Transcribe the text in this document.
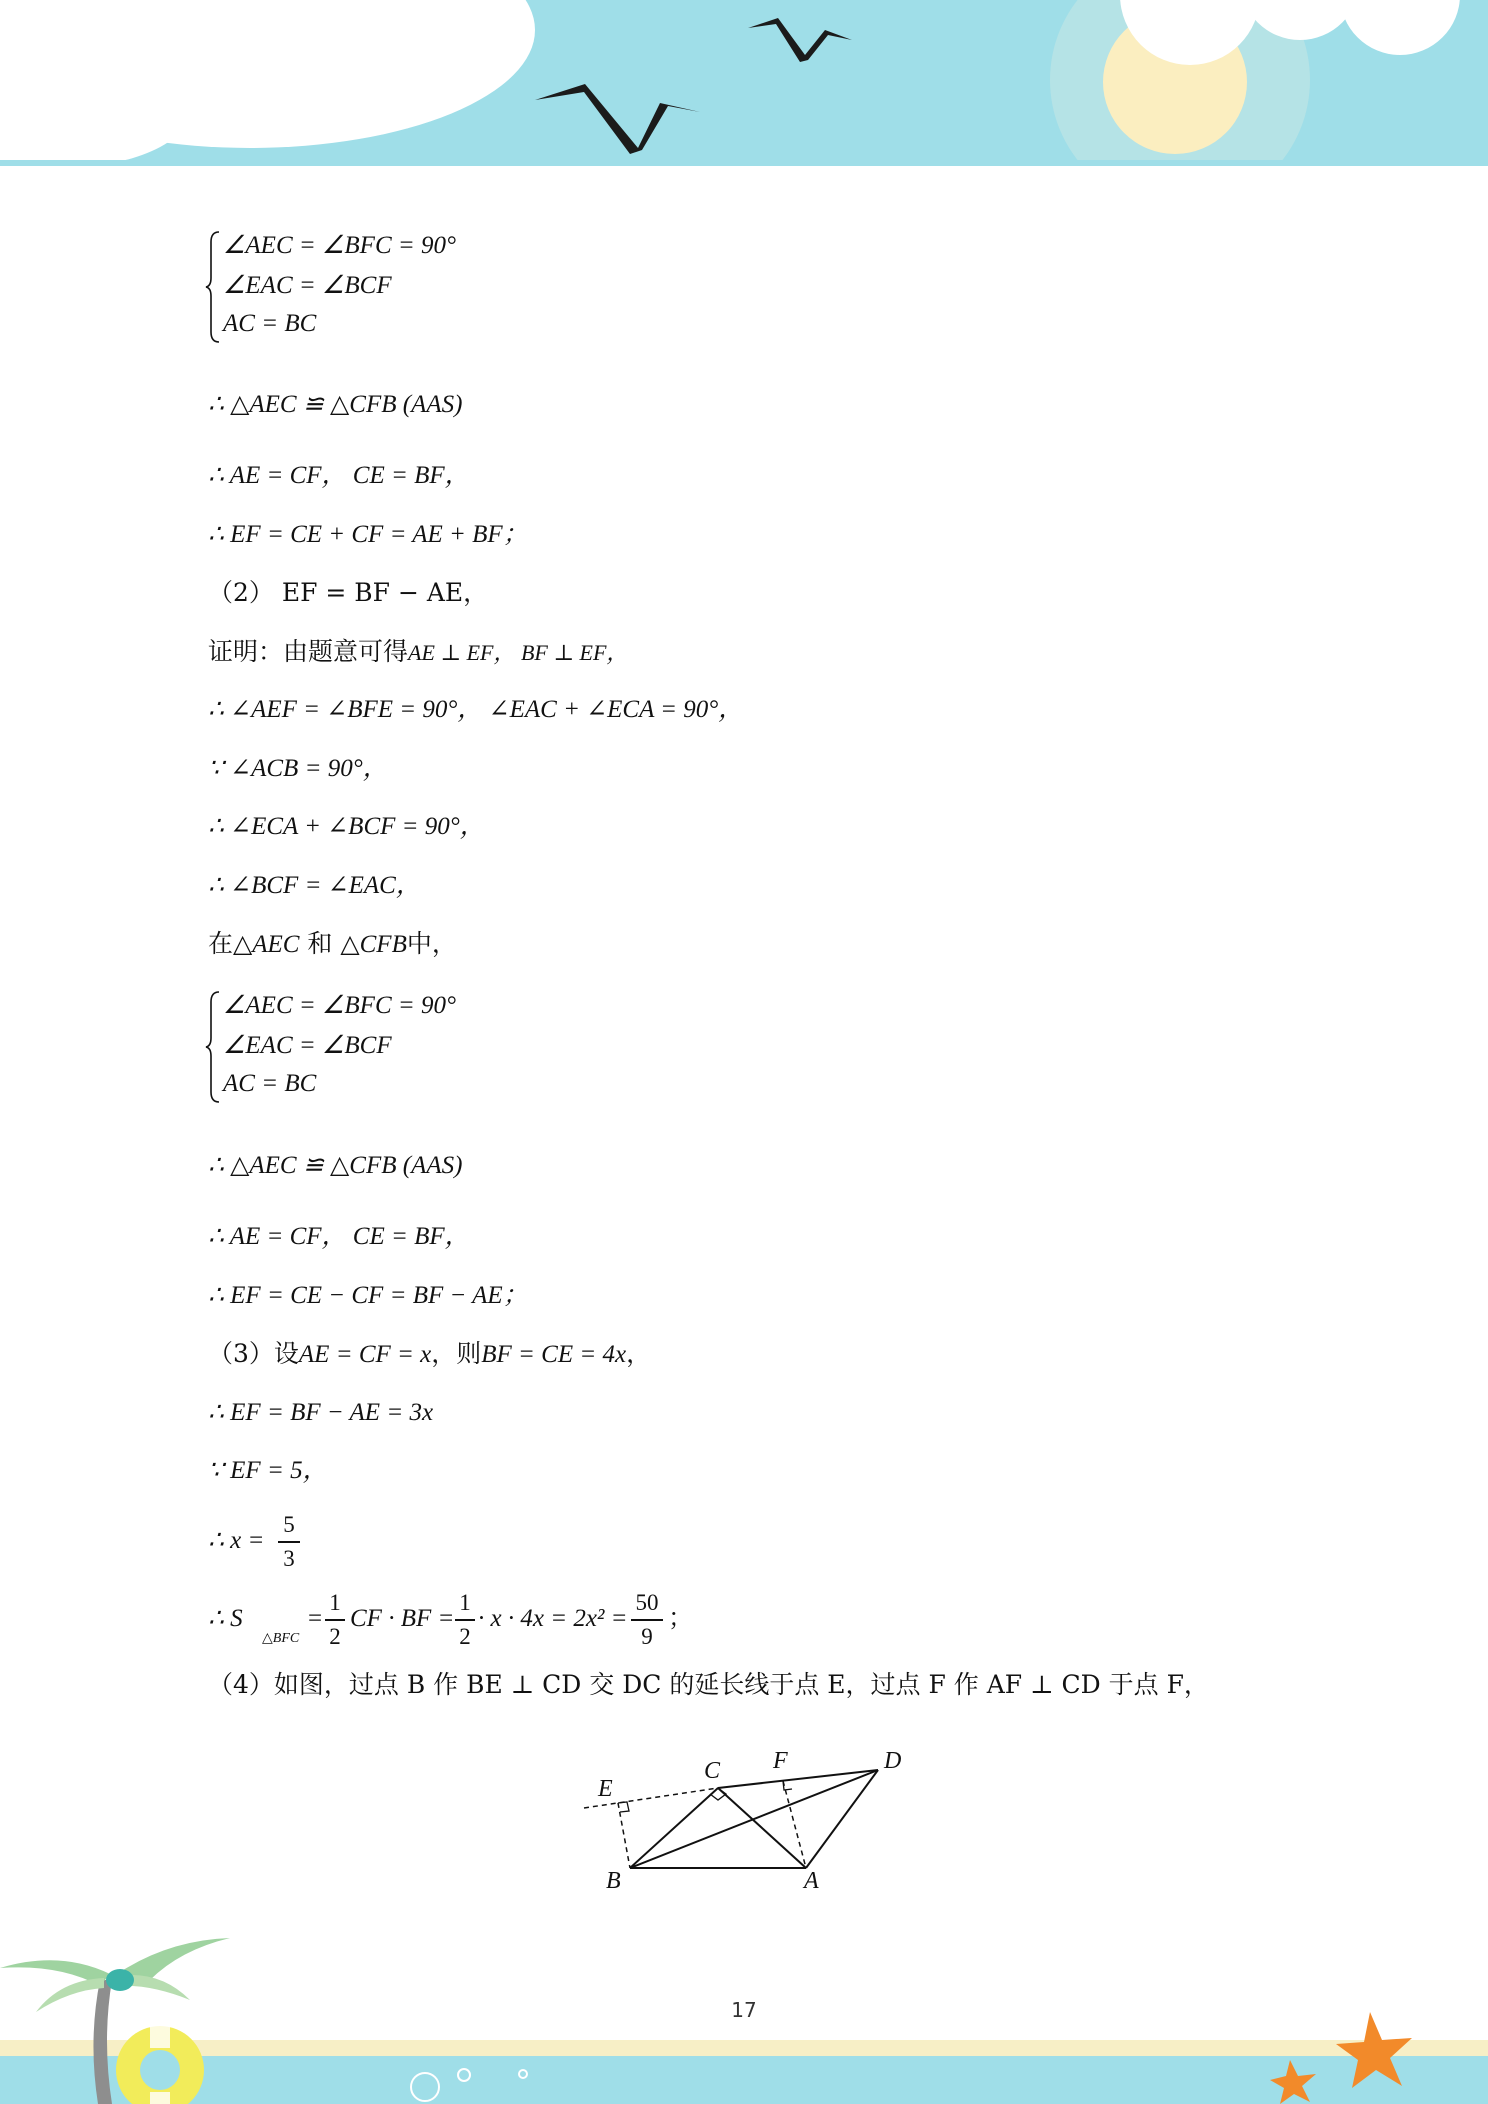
∠AEC = ∠BFC = 90°
∠EAC = ∠BCF
AC = BC
∴ △AEC ≌ △CFB (AAS)
∴ AE = CF， CE = BF，
∴ EF = CE + CF = AE + BF；
（2） EF = BF − AE，
证明：由题意可得AE ⊥ EF， BF ⊥ EF，
∴ ∠AEF = ∠BFE = 90°， ∠EAC + ∠ECA = 90°，
∵ ∠ACB = 90°，
∴ ∠ECA + ∠BCF = 90°，
∴ ∠BCF = ∠EAC，
在△AEC 和 △CFB中，
∠AEC = ∠BFC = 90°
∠EAC = ∠BCF
AC = BC
∴ △AEC ≌ △CFB (AAS)
∴ AE = CF， CE = BF，
∴ EF = CE − CF = BF − AE；
（3）设AE = CF = x，则BF = CE = 4x，
∴ EF = BF − AE = 3x
∵ EF = 5，
∴ x =
5
3
∴ S
△BFC
=
1
2
CF · BF =
1
2
· x · 4x = 2x² =
50
9
；
（4）如图，过点 B 作 BE ⊥ CD 交 DC 的延长线于点 E，过点 F 作 AF ⊥ CD 于点 F，
E
C F	D
B	A
17
